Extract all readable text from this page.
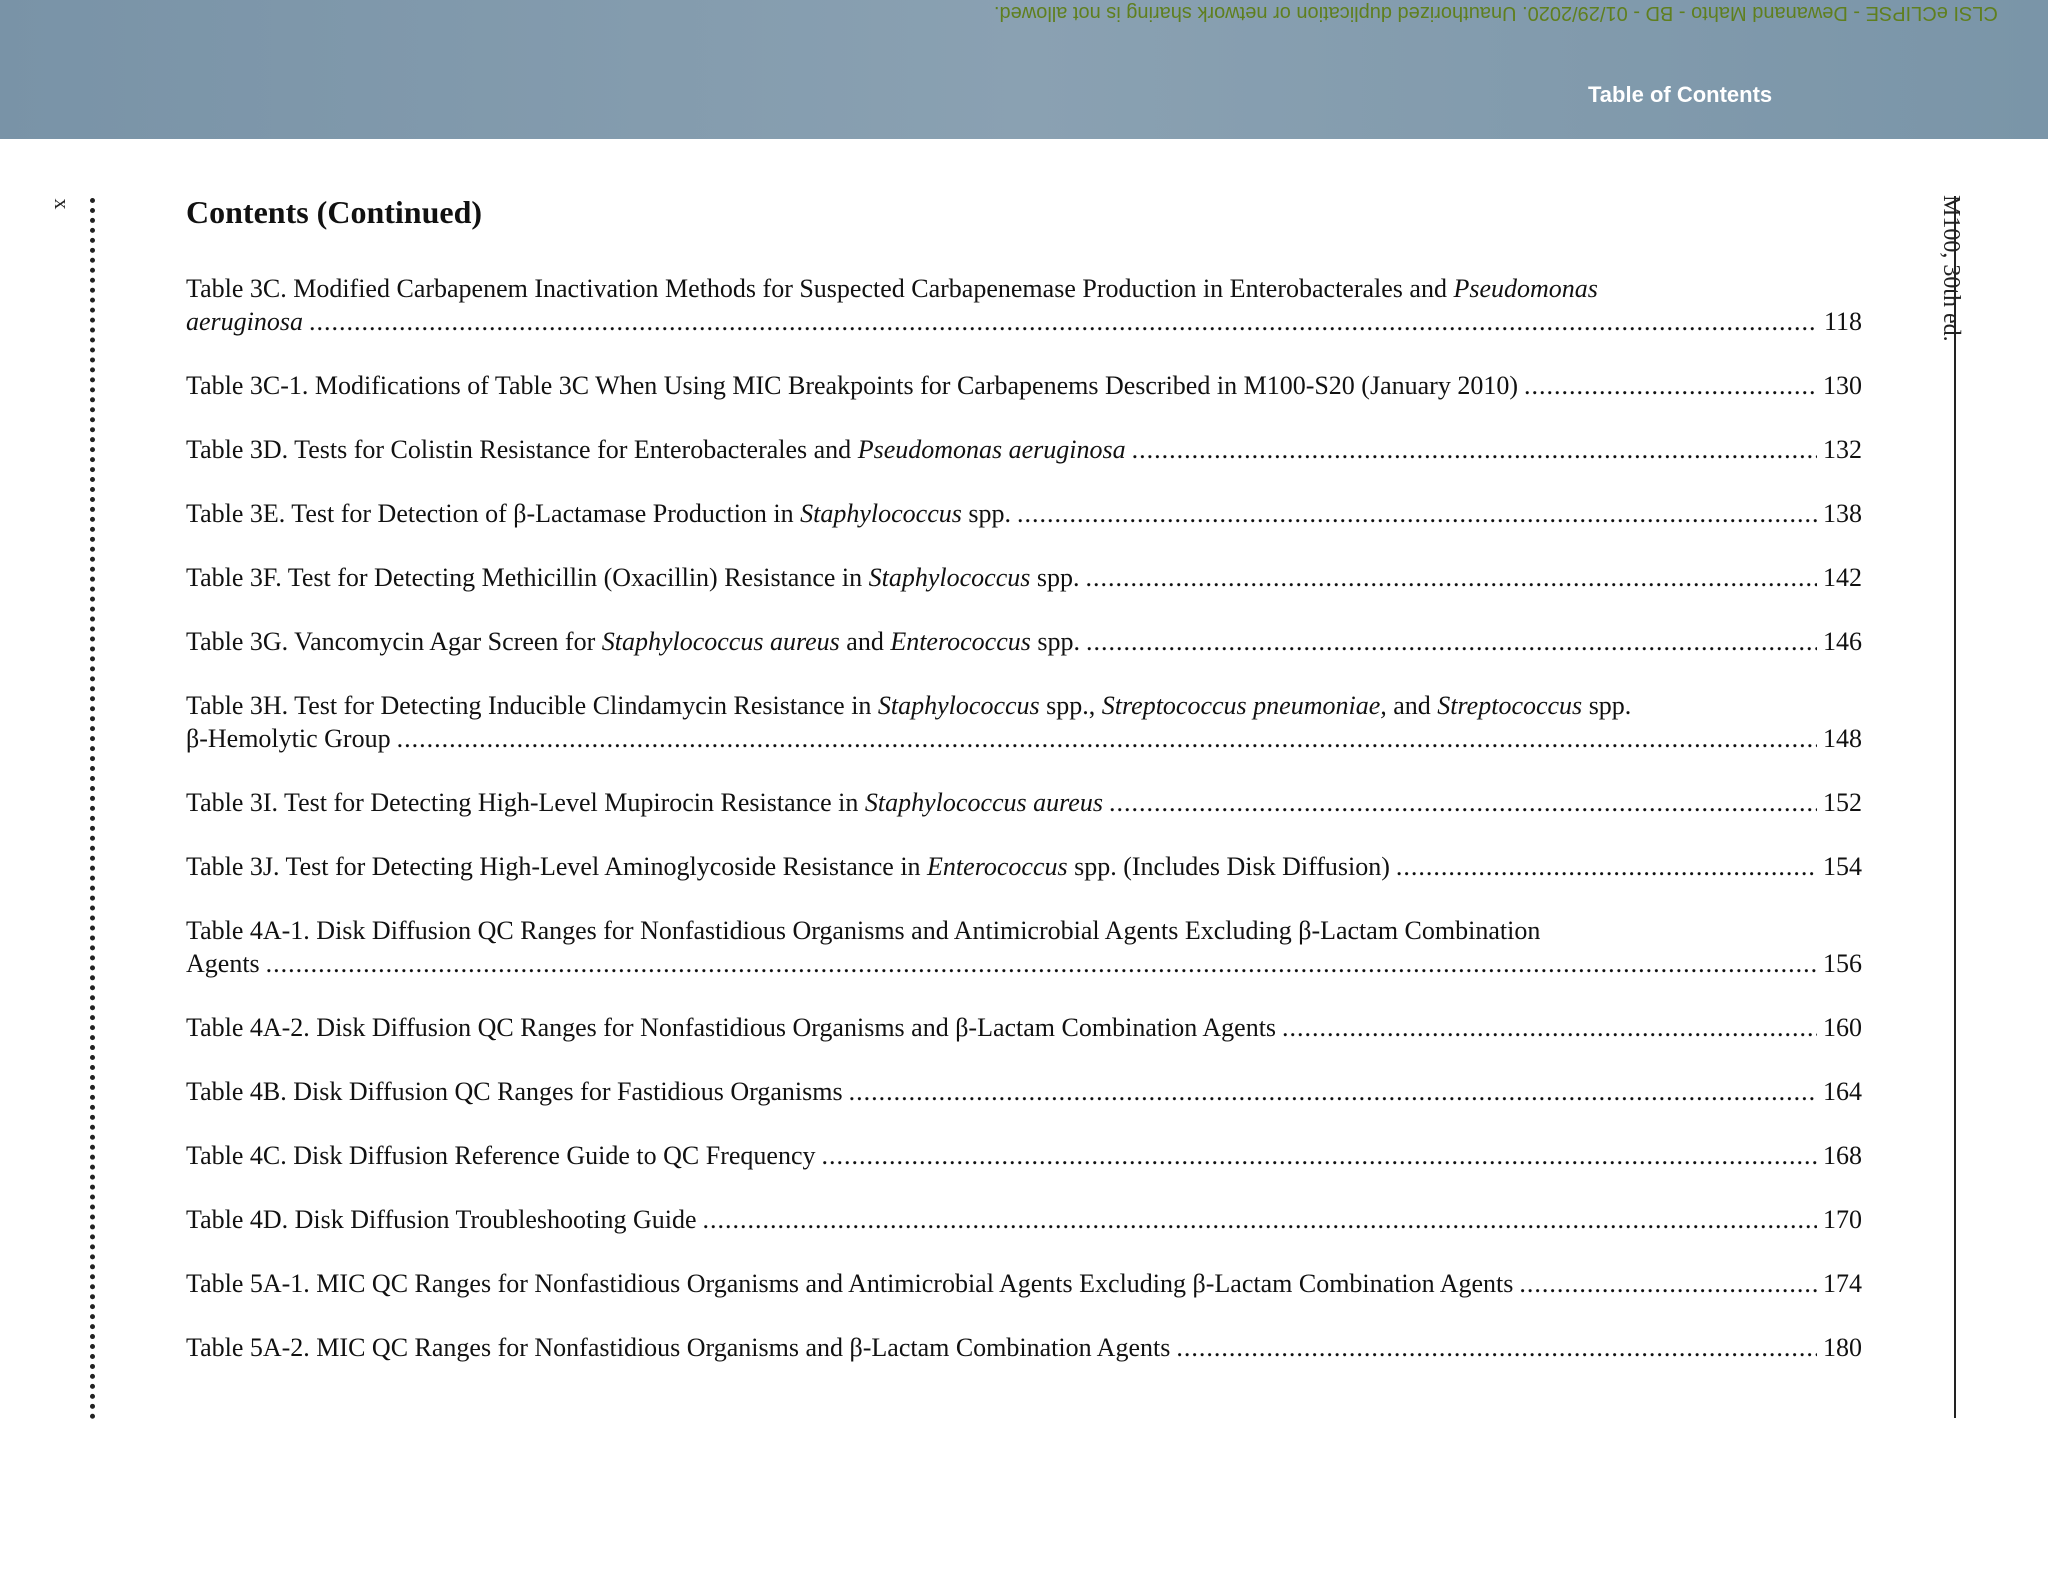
CLSI eCLIPSE - Dewanand Mahto - BD - 01/29/2020. Unauthorized duplication or network sharing is not allowed.
Table of Contents
x	M100, 30th ed.
Contents (Continued)
Table 3C. Modified Carbapenem Inactivation Methods for Suspected Carbapenemase Production in Enterobacterales and Pseudomonas
aeruginosa .....	118
Table 3C-1. Modifications of Table 3C When Using MIC Breakpoints for Carbapenems Described in M100-S20 (January 2010) .....	130
Table 3D. Tests for Colistin Resistance for Enterobacterales and Pseudomonas aeruginosa .....	132
Table 3E. Test for Detection of β-Lactamase Production in Staphylococcus spp. .....	138
Table 3F. Test for Detecting Methicillin (Oxacillin) Resistance in Staphylococcus spp. .....	142
Table 3G. Vancomycin Agar Screen for Staphylococcus aureus and Enterococcus spp. .....	146
Table 3H. Test for Detecting Inducible Clindamycin Resistance in Staphylococcus spp., Streptococcus pneumoniae, and Streptococcus spp.
β-Hemolytic Group .....	148
Table 3I. Test for Detecting High-Level Mupirocin Resistance in Staphylococcus aureus .....	152
Table 3J. Test for Detecting High-Level Aminoglycoside Resistance in Enterococcus spp. (Includes Disk Diffusion) .....	154
Table 4A-1. Disk Diffusion QC Ranges for Nonfastidious Organisms and Antimicrobial Agents Excluding β-Lactam Combination
Agents .....	156
Table 4A-2. Disk Diffusion QC Ranges for Nonfastidious Organisms and β-Lactam Combination Agents .....	160
Table 4B. Disk Diffusion QC Ranges for Fastidious Organisms .....	164
Table 4C. Disk Diffusion Reference Guide to QC Frequency .....	168
Table 4D. Disk Diffusion Troubleshooting Guide .....	170
Table 5A-1. MIC QC Ranges for Nonfastidious Organisms and Antimicrobial Agents Excluding β-Lactam Combination Agents .....	174
Table 5A-2. MIC QC Ranges for Nonfastidious Organisms and β-Lactam Combination Agents .....	180
